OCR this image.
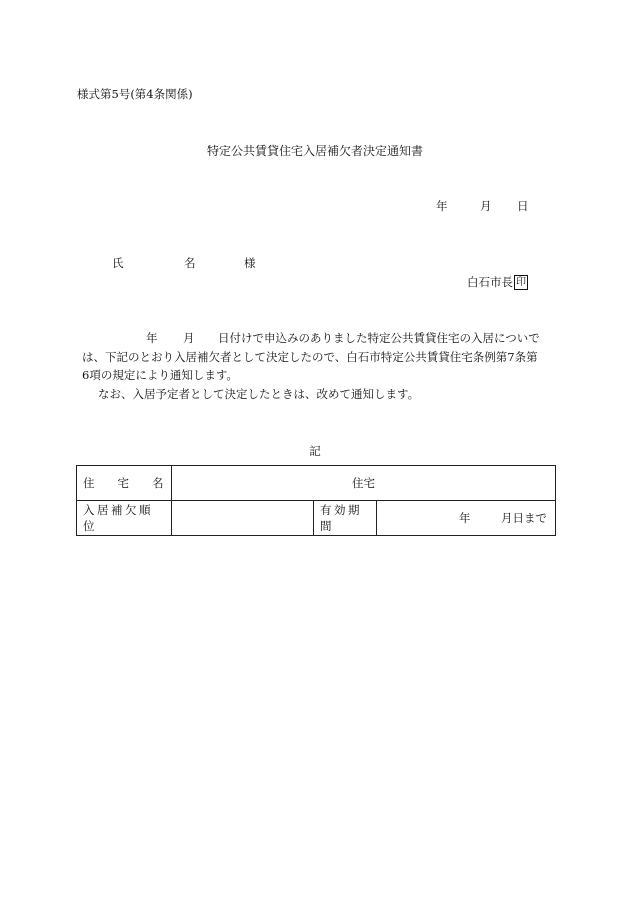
様式第5号(第4条関係)
特定公共賃貸住宅入居補欠者決定通知書
年	月 日
氏	名	様
白石市長 印

年 月 日付けで申込みのありました特定公共賃貸住宅の入居についで

は、下記のとおり入居補欠者として決定したので、白石市特定公共賃貸住宅条例第7条第

6項の規定により通知します。

なお、入居予定者として決定したときは、改めて通知します。

記
住　　宅　　名	住宅		
入居補欠順位		有効期間	年 月日まで
